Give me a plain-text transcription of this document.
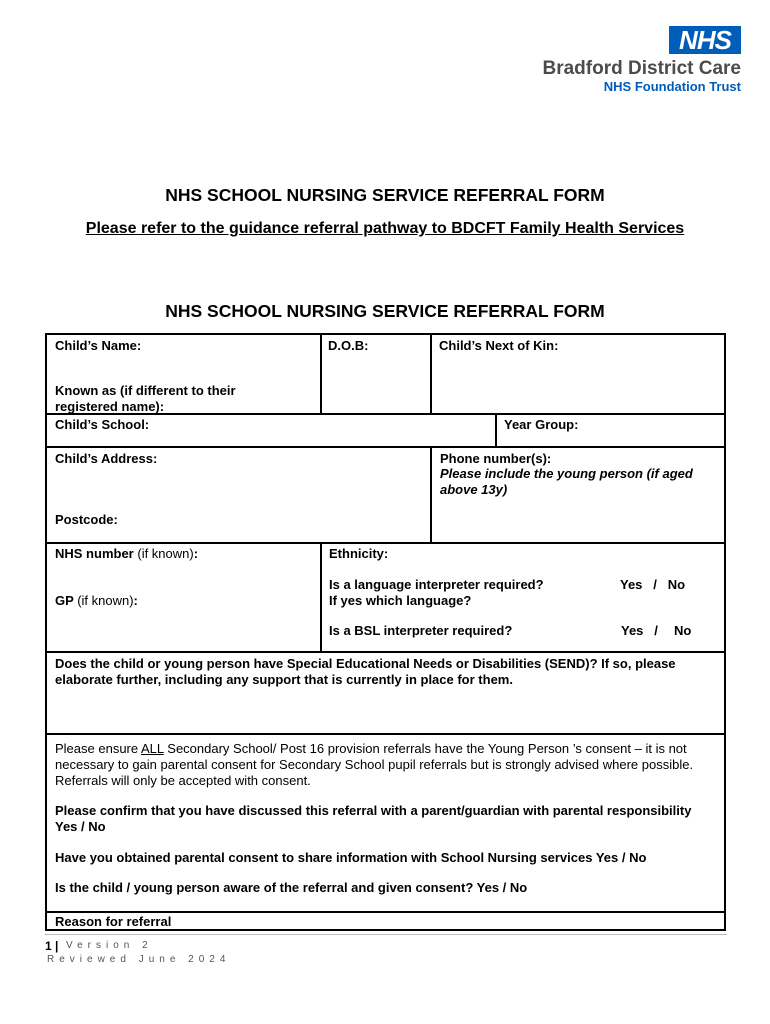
NHS
Bradford District Care
NHS Foundation Trust
NHS SCHOOL NURSING SERVICE REFERRAL FORM
Please refer to the guidance referral pathway to BDCFT Family Health Services
NHS SCHOOL NURSING SERVICE REFERRAL FORM
Child’s Name:	D.O.B:	Child’s Next of Kin:
Known as (if different to their registered name):
Child’s School:	Year Group:
Child’s Address:
Postcode:
Phone number(s):
Please include the young person (if aged above 13y)
NHS number (if known):
GP (if known):
Ethnicity:
Is a language interpreter required?	Yes   /   No
If yes which language?
Is a BSL interpreter required?	Yes   / No
Does the child or young person have Special Educational Needs or Disabilities (SEND)? If so, please elaborate further, including any support that is currently in place for them.
Please ensure ALL Secondary School/ Post 16 provision referrals have the Young Person ’s consent – it is not necessary to gain parental consent for Secondary School pupil referrals but is strongly advised where possible. Referrals will only be accepted with consent.
Please confirm that you have discussed this referral with a parent/guardian with parental responsibility Yes / No
Have you obtained parental consent to share information with School Nursing services Yes / No
Is the child / young person aware of the referral and given consent? Yes / No
Reason for referral
1 | Version 2
Reviewed June 2024
